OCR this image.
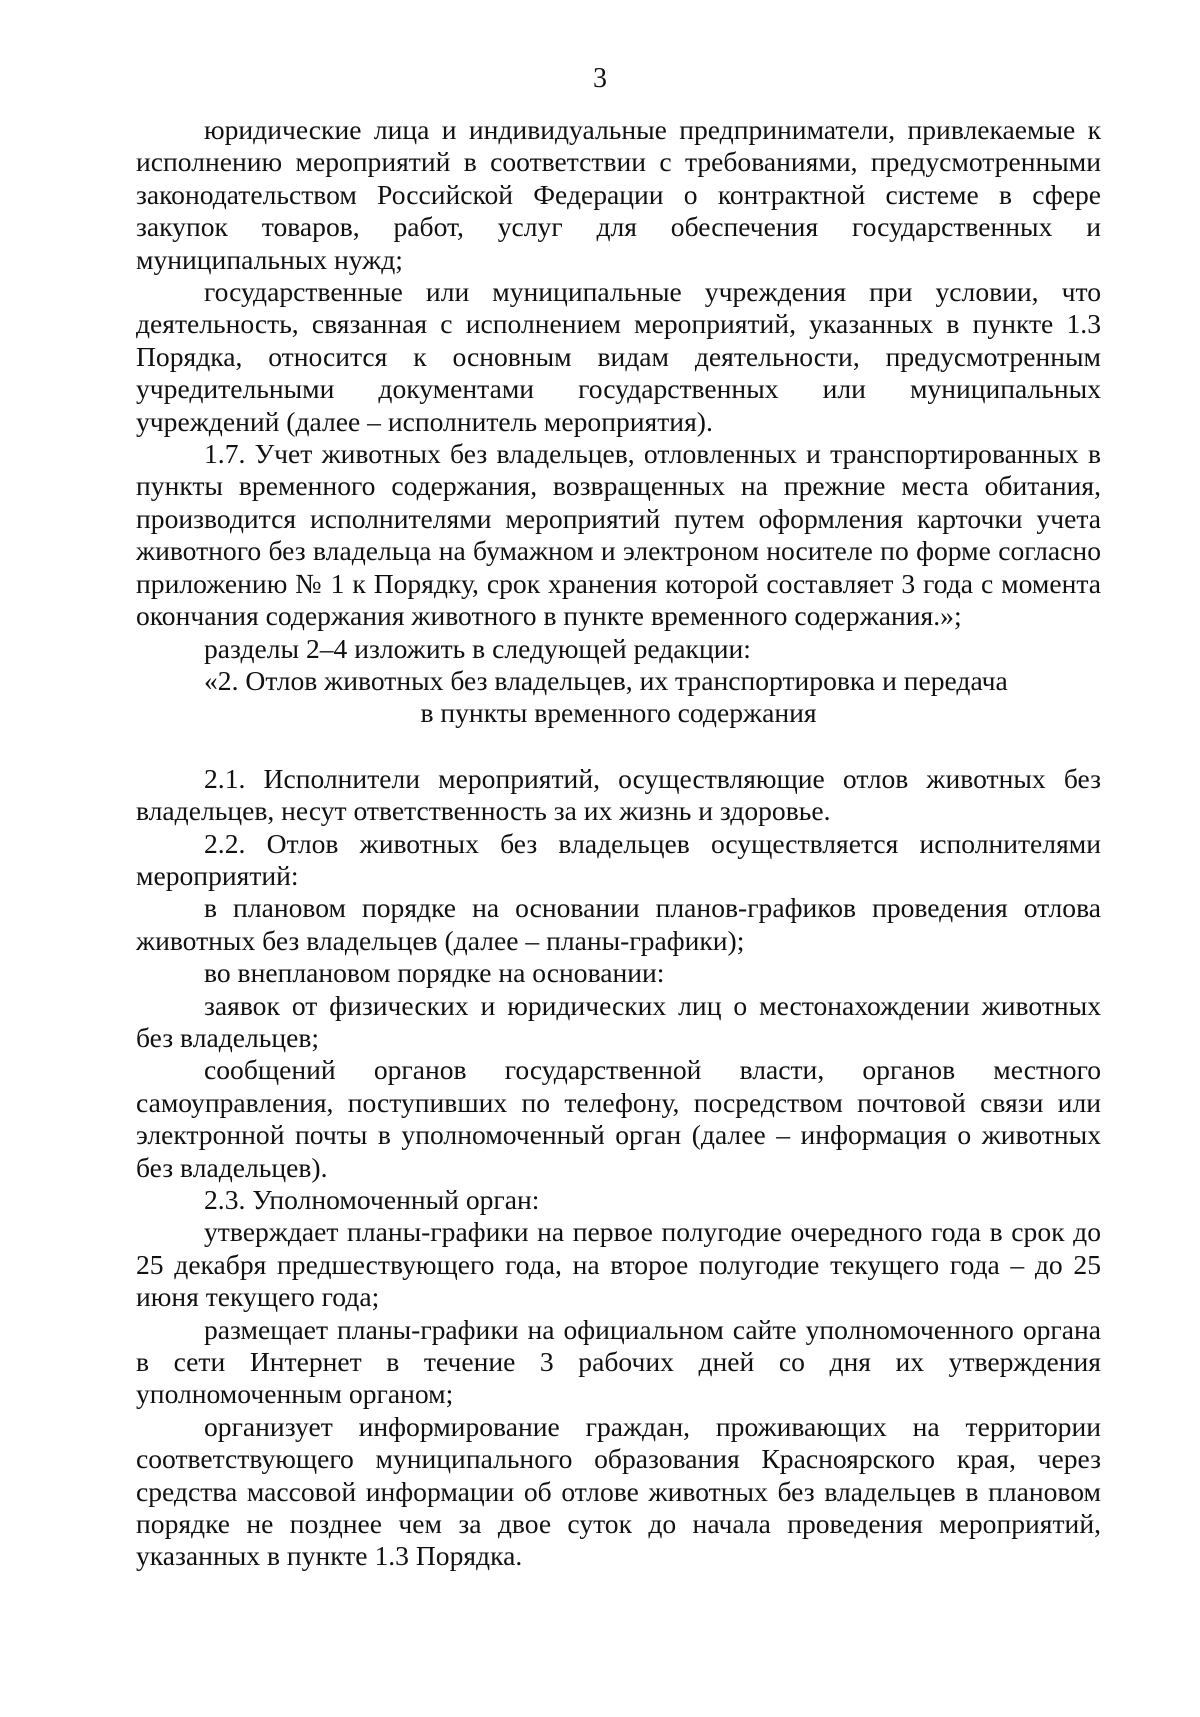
3

юридические лица и индивидуальные предприниматели, привлекаемые к исполнению мероприятий в соответствии с требованиями, предусмотренными законодательством Российской Федерации о контрактной системе в сфере закупок товаров, работ, услуг для обеспечения государственных и муниципальных нужд;

государственные или муниципальные учреждения при условии, что деятельность, связанная с исполнением мероприятий, указанных в пункте 1.3 Порядка, относится к основным видам деятельности, предусмотренным учредительными документами государственных или муниципальных учреждений (далее – исполнитель мероприятия).

1.7. Учет животных без владельцев, отловленных и транспортированных в пункты временного содержания, возвращенных на прежние места обитания, производится исполнителями мероприятий путем оформления карточки учета животного без владельца на бумажном и электроном носителе по форме согласно приложению № 1 к Порядку, срок хранения которой составляет 3 года с момента окончания содержания животного в пункте временного содержания.»;

разделы 2–4 изложить в следующей редакции:

«2. Отлов животных без владельцев, их транспортировка и передача
в пункты временного содержания

2.1. Исполнители мероприятий, осуществляющие отлов животных без владельцев, несут ответственность за их жизнь и здоровье.

2.2. Отлов животных без владельцев осуществляется исполнителями мероприятий:

в плановом порядке на основании планов-графиков проведения отлова животных без владельцев (далее – планы-графики);

во внеплановом порядке на основании:

заявок от физических и юридических лиц о местонахождении животных без владельцев;

сообщений органов государственной власти, органов местного самоуправления, поступивших по телефону, посредством почтовой связи или электронной почты в уполномоченный орган (далее – информация о животных без владельцев).

2.3. Уполномоченный орган:

утверждает планы-графики на первое полугодие очередного года в срок до 25 декабря предшествующего года, на второе полугодие текущего года – до 25 июня текущего года;

размещает планы-графики на официальном сайте уполномоченного органа в сети Интернет в течение 3 рабочих дней со дня их утверждения уполномоченным органом;

организует информирование граждан, проживающих на территории соответствующего муниципального образования Красноярского края, через средства массовой информации об отлове животных без владельцев в плановом порядке не позднее чем за двое суток до начала проведения мероприятий, указанных в пункте 1.3 Порядка.
